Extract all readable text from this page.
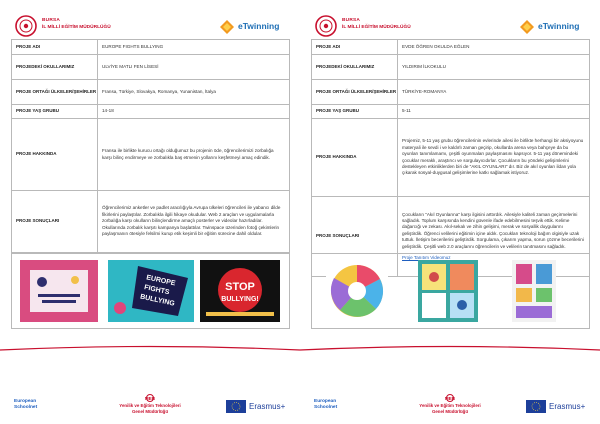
BURSA
İL MİLLİ EĞİTİM MÜDÜRLÜĞÜ	eTwinning
PROJE ADI	EUROPE FIGHTS BULLYING
PROJEDEKİ OKULLARIMIZ	ULVİYE MATLI FEN LİSESİ
PROJE ORTAĞI ÜLKELER/ŞEHİRLER	Fransa, Türkiye, Slovakya, Romanya, Yunanistan, İtalya
PROJE YAŞ GRUBU	14-18
PROJE HAKKINDA	Fransa ile birlikte kurucu ortağı olduğumuz bu projenin öde, öğrencilerimizi zorbalığa karşı bilinç endirmeye ve zorbalıkla baş etmenin yollarını keşfetmeyi amaç edindik.
PROJE SONUÇLARI	Öğrencilerimiz anketler ve padlet aracılığıyla Avrupa ülkeleri öğrencileri ile yabancı dilde fikirlerini paylaştılar. Zorbalıkla ilgili hikaye okudular. Web 2 araçları ve uygulamalarla zorbalığa karşı okulların bilinçlendirme amaçlı posterler ve videolar hazırladılar. Okullarında zorbalık karşıtı kampanya başlattılar. Twinspace üzerinden fotoğ çekimlerin paylaşmanın ötesiyle felsilmi kurup etik keşimli bir eğitim sürecine dahil oldular.
EUROPE
FIGHTS
BULLYING
STOP
BULLYING!
European
Schoolnet
MEB
Yenilik ve Eğitim Teknolojileri
Genel Müdürlüğü
Erasmus+
BURSA
İL MİLLİ EĞİTİM MÜDÜRLÜĞÜ	eTwinning
PROJE ADI	EVDE ÖĞREN OKULDA EĞLEN
PROJEDEKİ OKULLARIMIZ	YILDIRIM İLKOKULU
PROJE ORTAĞI ÜLKELER/ŞEHİRLER	TÜRKİYE-ROMANYA
PROJE YAŞ GRUBU	5-11
PROJE HAKKINDA	Projemiz, 5-11 yaş grubu öğrencilerinin evlerinde ailesi ile birlikte herhangi bir aksiyoyunu materyali ile sevdi i ve kaldırlı zaman geçirip, okullarda arena veya bahçeye da bu oyunları tanımlamamı, çeşitli oyunmaları paylaşmasını kapsıyor. 5-11 yaş dönemindeki çocuklar meraklı, araştırıcı ve sorgulayıcıdırlar. Çocukların bu yöndeki gelişimlerini destekleyen etkinliklerden biri de "AKIL OYUNLARI" dır. Biz de akıl oyunları ildan yola çıkarak sosyal-duygusal gelişimlerine katkı sağlamak istiyoruz.
PROJE SONUÇLARI	Çocukların "Akıl Oyunlarına" karşı ilgisini arttırdık. Ailesiyle kaliteli zaman geçirmelerini sağladık. Toplum karşısında kendini güvenle ifade edebilmesini teşvik ettik. Kelime dağarcığı ve zekası. Akıl-sekalı ve zihin gelişimi, merak ve sosyallik duygularını geliştirdik. Öğrenci velilerini eğitimin içine aldık. Çocukları teknoloji bağım olgisiyle uzak tuttuk. İletişim becerilerini geliştirdik. Sorgulama, çıkarım yapma, sorun çözme becerilerini geliştirdik. Çeşitli web 2.0 araçlarını öğrencilerin ve velilerin tanıtmasını sağladık.
Proje Tanıtım Videomuz
European
Schoolnet
MEB
Yenilik ve Eğitim Teknolojileri
Genel Müdürlüğü
Erasmus+
